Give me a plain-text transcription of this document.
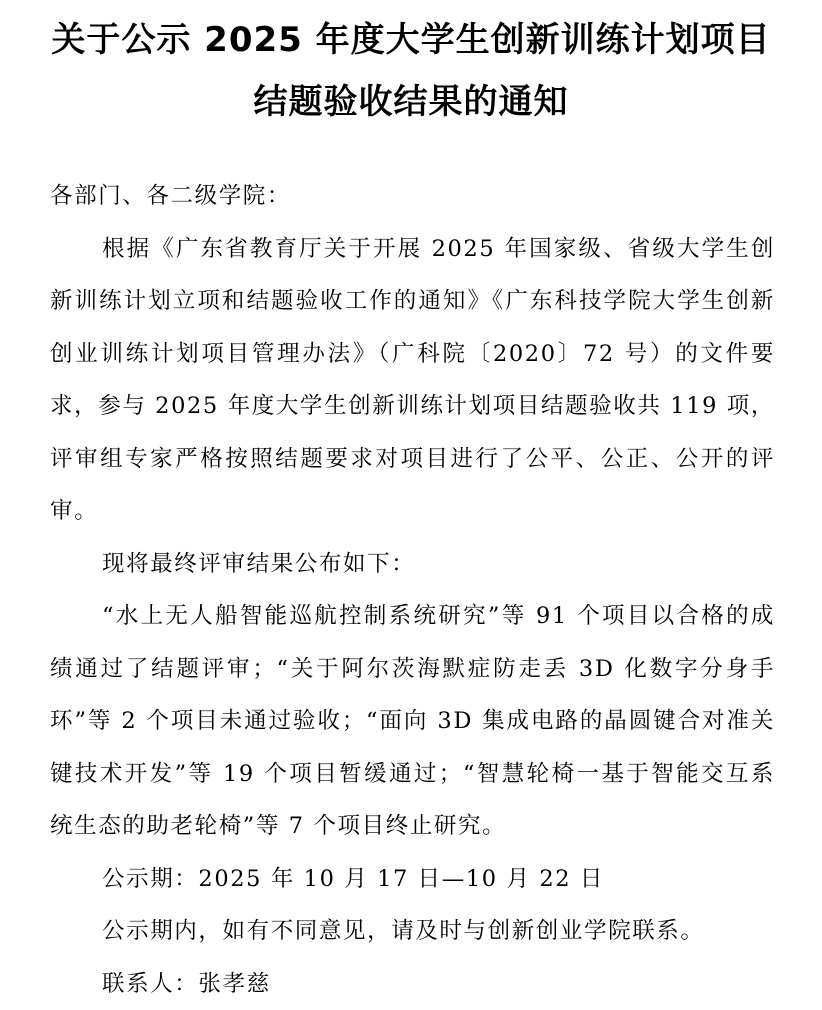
关于公示 2025 年度大学生创新训练计划项目
结题验收结果的通知

各部门、各二级学院：

根据《广东省教育厅关于开展 2025 年国家级、省级大学生创新训练计划立项和结题验收工作的通知》《广东科技学院大学生创新创业训练计划项目管理办法》（广科院〔2020〕72 号）的文件要求，参与 2025 年度大学生创新训练计划项目结题验收共 119 项，评审组专家严格按照结题要求对项目进行了公平、公正、公开的评审。

现将最终评审结果公布如下：

“水上无人船智能巡航控制系统研究”等 91 个项目以合格的成绩通过了结题评审；“关于阿尔茨海默症防走丢 3D 化数字分身手环”等 2 个项目未通过验收；“面向 3D 集成电路的晶圆键合对准关键技术开发”等 19 个项目暂缓通过；“智慧轮椅一基于智能交互系统生态的助老轮椅”等 7 个项目终止研究。

公示期：2025 年 10 月 17 日—10 月 22 日

公示期内，如有不同意见，请及时与创新创业学院联系。

联系人：张孝慈
